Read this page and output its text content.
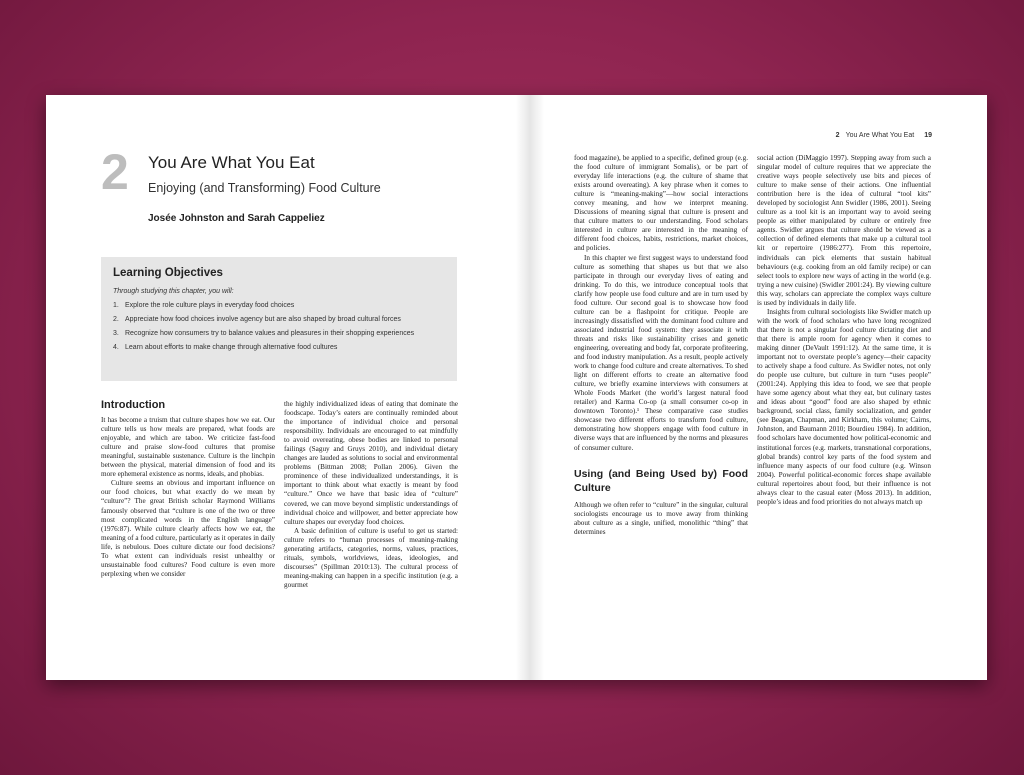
2 You Are What You Eat
Enjoying (and Transforming) Food Culture
Josée Johnston and Sarah Cappeliez
Learning Objectives
Through studying this chapter, you will:
1. Explore the role culture plays in everyday food choices
2. Appreciate how food choices involve agency but are also shaped by broad cultural forces
3. Recognize how consumers try to balance values and pleasures in their shopping experiences
4. Learn about efforts to make change through alternative food cultures
Introduction

It has become a truism that culture shapes how we eat. Our culture tells us how meals are prepared, what foods are enjoyable, and which are taboo. We criticize fast-food culture and praise slow-food cultures that promise meaningful, sustainable sustenance. Culture is the linchpin between the physical, material dimension of food and its more ephemeral existence as norms, ideals, and phobias.

Culture seems an obvious and important influence on our food choices, but what exactly do we mean by “culture”? The great British scholar Raymond Williams famously observed that “culture is one of the two or three most complicated words in the English language” (1976:87). While culture clearly affects how we eat, the meaning of a food culture, particularly as it operates in daily life, is nebulous. Does culture dictate our food decisions? To what extent can individuals resist unhealthy or unsustainable food cultures? Food culture is even more perplexing when we consider

the highly individualized ideas of eating that dominate the foodscape. Today’s eaters are continually reminded about the importance of individual choice and personal responsibility. Individuals are encouraged to eat mindfully to avoid overeating, obese bodies are linked to personal failings (Saguy and Gruys 2010), and individual dietary changes are lauded as solutions to social and environmental problems (Bittman 2008; Pollan 2006). Given the prominence of these individualized understandings, it is important to think about what exactly is meant by food “culture.” Once we have that basic idea of “culture” covered, we can move beyond simplistic understandings of individual choice and willpower, and better appreciate how culture shapes our everyday food choices.

A basic definition of culture is useful to get us started: culture refers to “human processes of meaning-making generating artifacts, categories, norms, values, practices, rituals, symbols, worldviews, ideas, ideologies, and discourses” (Spillman 2010:13). The cultural process of meaning-making can happen in a specific institution (e.g. a gourmet

2 You Are What You Eat 19

food magazine), be applied to a specific, defined group (e.g. the food culture of immigrant Somalis), or be part of everyday life interactions (e.g. the culture of shame that exists around overeating). A key phrase when it comes to culture is “meaning-making”—how social interactions convey meaning, and how we interpret meaning. Discussions of meaning signal that culture is present and that culture matters to our understanding. Food scholars interested in culture are interested in the meaning of different food choices, habits, restrictions, market choices, and policies.

In this chapter we first suggest ways to understand food culture as something that shapes us but that we also participate in through our everyday lives of eating and drinking. To do this, we introduce conceptual tools that clarify how people use food culture and are in turn used by food culture. Our second goal is to showcase how food culture can be a flashpoint for critique. People are increasingly dissatisfied with the dominant food culture and associated industrial food system: they associate it with threats and risks like sustainability crises and genetic engineering, overeating and body fat, corporate profiteering, and food industry manipulation. As a result, people actively work to change food culture and create alternatives. To shed light on different efforts to create an alternative food culture, we briefly examine interviews with consumers at Whole Foods Market (the world’s largest natural food retailer) and Karma Co-op (a small consumer co-op in downtown Toronto).¹ These comparative case studies showcase two different efforts to transform food culture, demonstrating how shoppers engage with food culture in diverse ways that are influenced by the norms and pleasures of consumer culture.

Using (and Being Used by) Food Culture

Although we often refer to “culture” in the singular, cultural sociologists encourage us to move away from thinking about culture as a single, unified, monolithic “thing” that determines

social action (DiMaggio 1997). Stepping away from such a singular model of culture requires that we appreciate the creative ways people selectively use bits and pieces of culture to make sense of their actions. One influential contribution here is the idea of cultural “tool kits” developed by sociologist Ann Swidler (1986, 2001). Seeing culture as a tool kit is an important way to avoid seeing people as either manipulated by culture or entirely free agents. Swidler argues that culture should be viewed as a collection of defined elements that make up a cultural tool kit or repertoire (1986:277). From this repertoire, individuals can pick elements that sustain habitual behaviours (e.g. cooking from an old family recipe) or can select tools to explore new ways of acting in the world (e.g. trying a new cuisine) (Swidler 2001:24). By viewing culture this way, scholars can appreciate the complex ways culture is used by individuals in daily life.

Insights from cultural sociologists like Swidler match up with the work of food scholars who have long recognized that there is not a singular food culture dictating diet and that there is ample room for agency when it comes to making dinner (DeVault 1991:12). At the same time, it is important not to overstate people’s agency—their capacity to actively shape a food culture. As Swidler notes, not only do people use culture, but culture in turn “uses people” (2001:24). Applying this idea to food, we see that people have some agency about what they eat, but culinary tastes and ideas about “good” food are also shaped by ethnic background, social class, family socialization, and gender (see Beagan, Chapman, and Kirkham, this volume; Cairns, Johnston, and Baumann 2010; Bourdieu 1984). In addition, food scholars have documented how political-economic and institutional forces (e.g. markets, transnational corporations, global brands) control key parts of the food system and influence many aspects of our food culture (e.g. Winson 2004). Powerful political-economic forces shape available cultural repertoires about food, but their influence is not always clear to the casual eater (Moss 2013). In addition, people’s ideas and food priorities do not always match up
